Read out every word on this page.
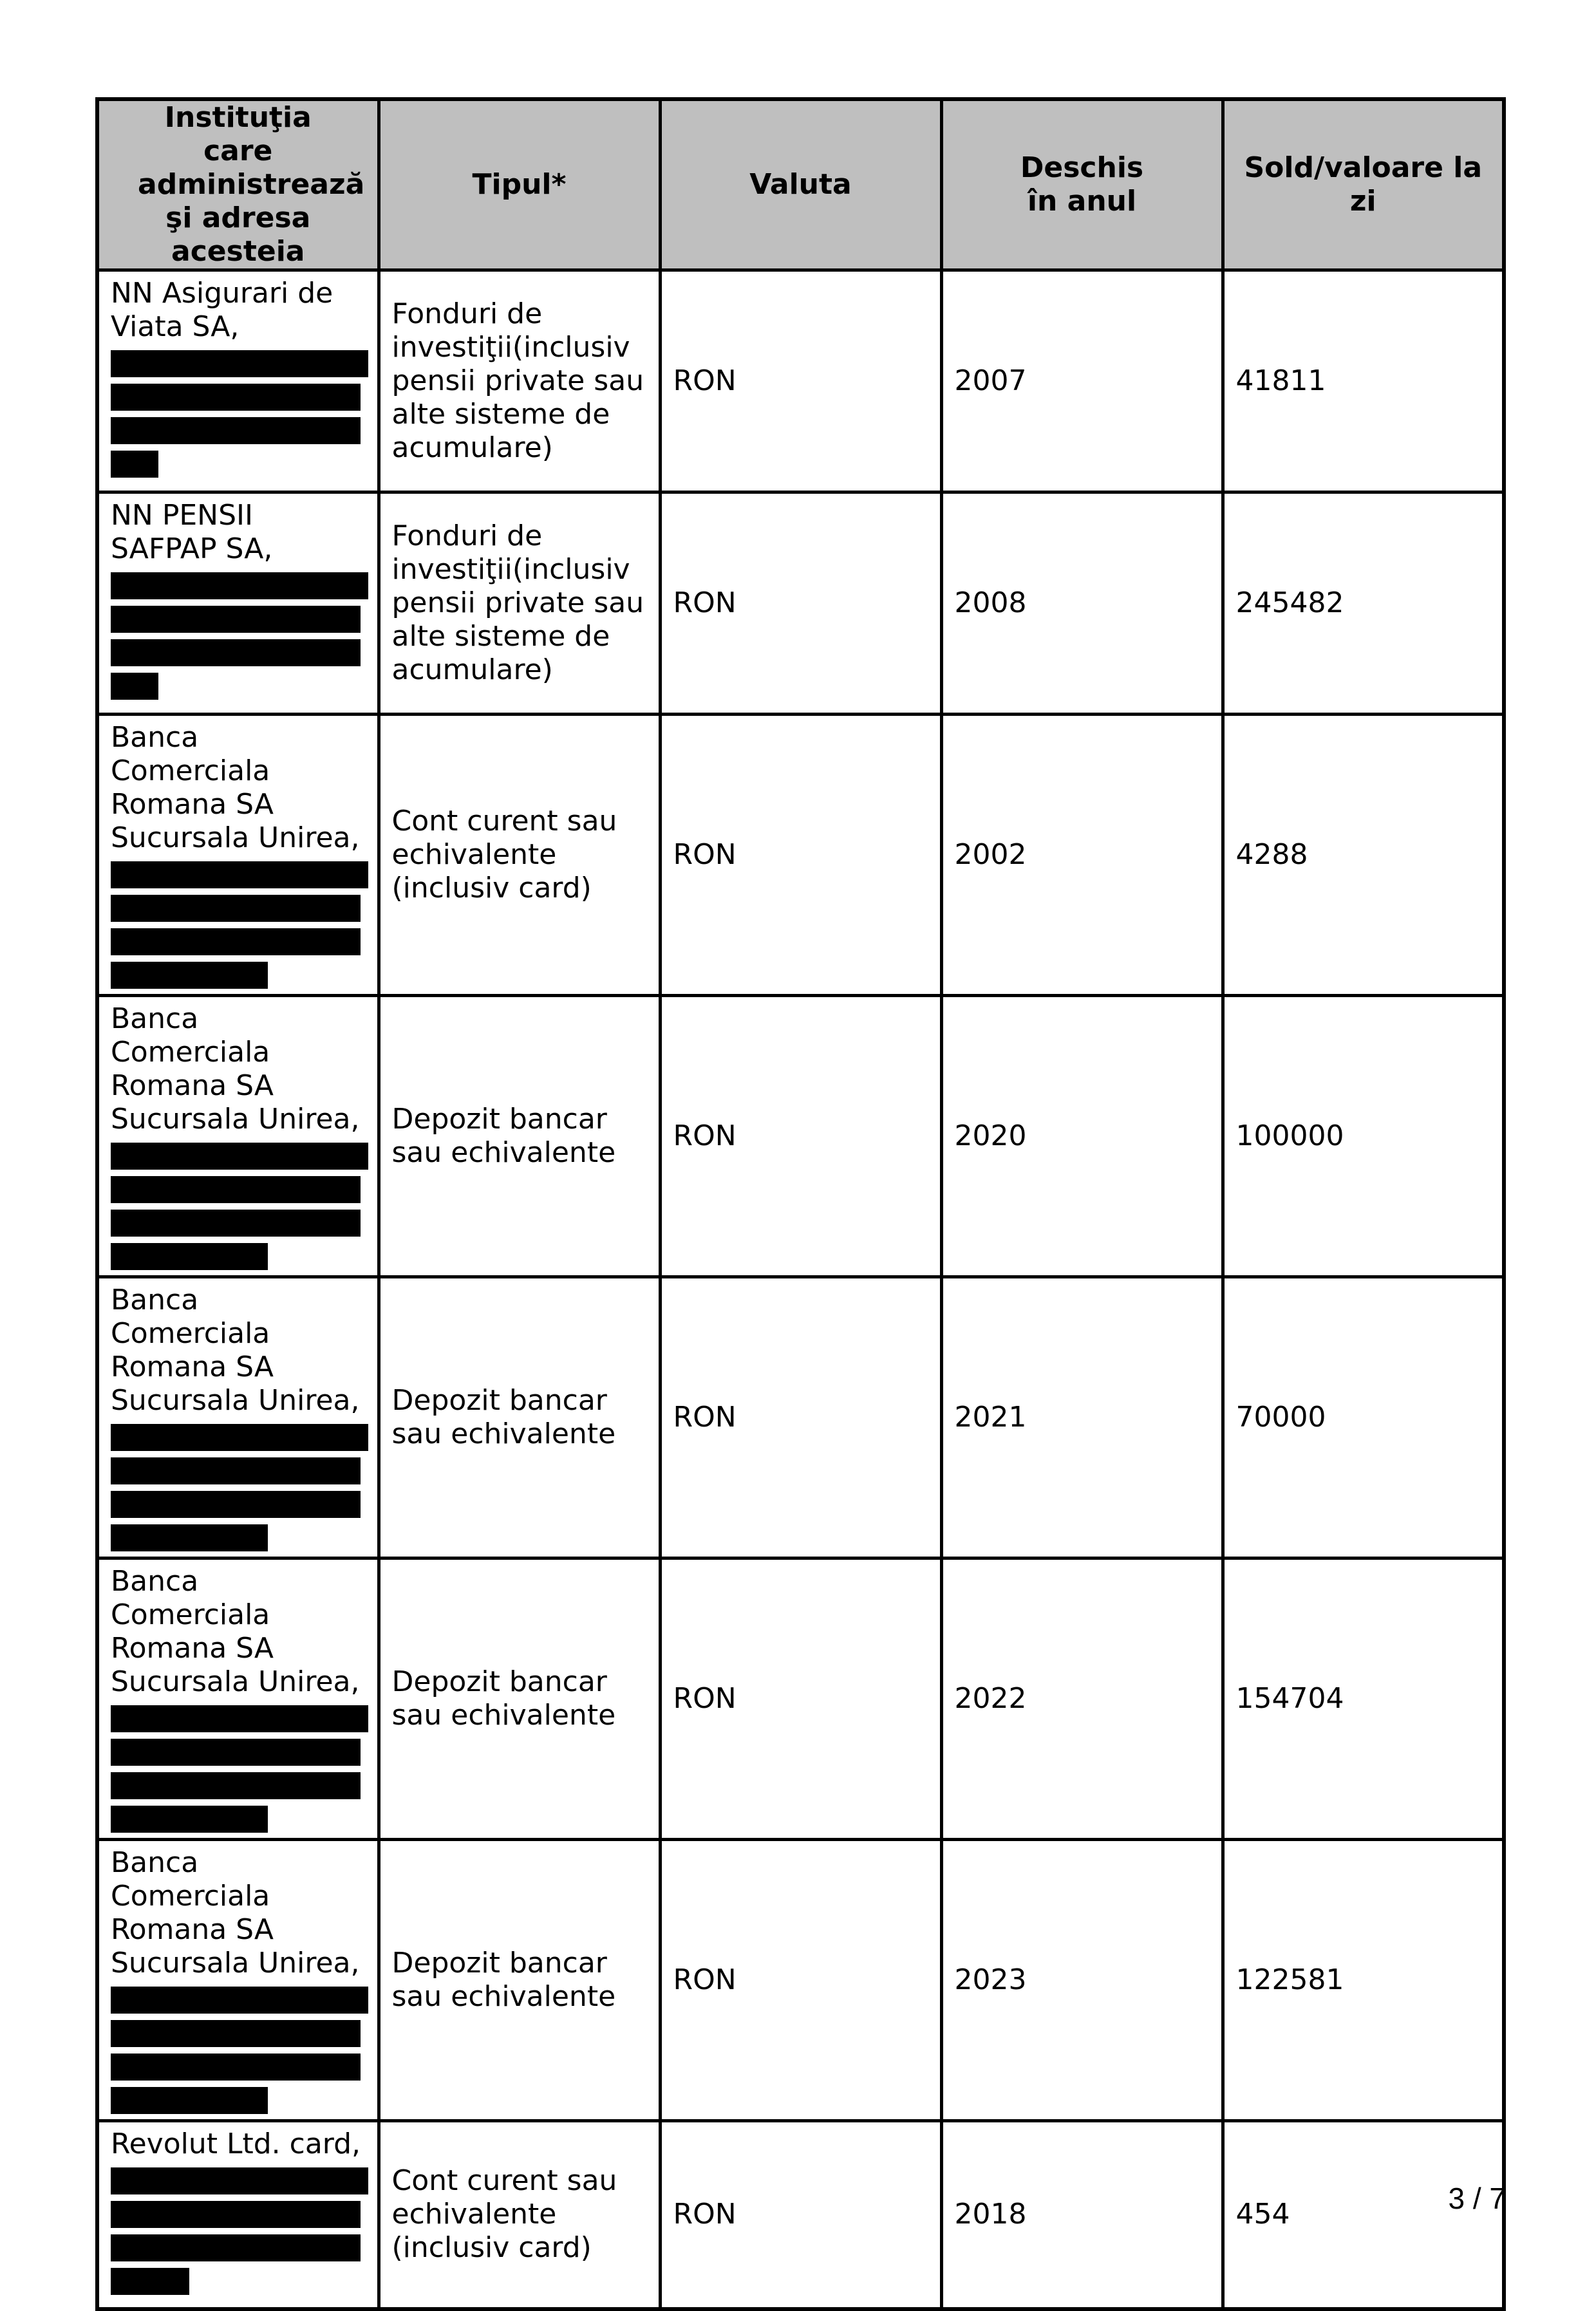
Instituţia care administrează şi adresa acesteia	Tipul*	Valuta	Deschis în anul	Sold/valoare la zi

NN Asigurari de Viata SA,	Fonduri de investiţii(inclusiv pensii private sau alte sisteme de acumulare)	RON	2007	41811

NN PENSII SAFPAP SA,	Fonduri de investiţii(inclusiv pensii private sau alte sisteme de acumulare)	RON	2008	245482

Banca Comerciala Romana SA Sucursala Unirea,	Cont curent sau echivalente (inclusiv card)	RON	2002	4288

Banca Comerciala Romana SA Sucursala Unirea,	Depozit bancar sau echivalente	RON	2020	100000

Banca Comerciala Romana SA Sucursala Unirea,	Depozit bancar sau echivalente	RON	2021	70000

Banca Comerciala Romana SA Sucursala Unirea,	Depozit bancar sau echivalente	RON	2022	154704

Banca Comerciala Romana SA Sucursala Unirea,	Depozit bancar sau echivalente	RON	2023	122581

Revolut Ltd. card,	Cont curent sau echivalente (inclusiv card)	RON	2018	454	3 / 7
